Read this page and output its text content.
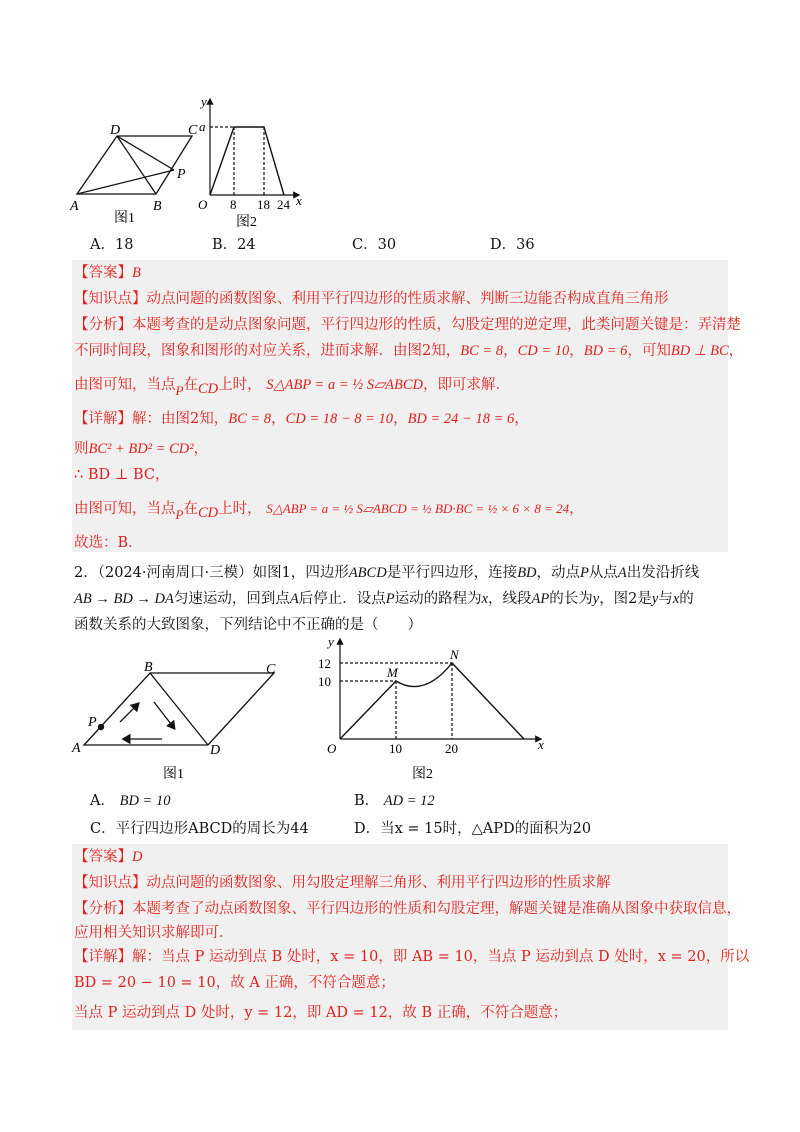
A	B
C
D
P
图1
y
a
O 8 18 24 x
图2
A．18	B．24	C．30	D．36
【答案】B
【知识点】动点问题的函数图象、利用平行四边形的性质求解、判断三边能否构成直角三角形
【分析】本题考查的是动点图象问题，平行四边形的性质，勾股定理的逆定理，此类问题关键是：弄清楚
不同时间段，图象和图形的对应关系，进而求解．由图2知，BC = 8，CD = 10，BD = 6，可知BD ⊥ BC，
由图可知，当点P在CD上时， S△ABP = a = ½ S▱ABCD，即可求解．
【详解】解：由图2知，BC = 8，CD = 18 − 8 = 10，BD = 24 − 18 = 6，
则BC² + BD² = CD²，
∴ BD ⊥ BC，
由图可知，当点P在CD上时， S△ABP = a = ½ S▱ABCD = ½ BD·BC = ½ × 6 × 8 = 24，
故选：B．
2．（2024·河南周口·三模）如图1，四边形ABCD是平行四边形，连接BD，动点P从点A出发沿折线
AB → BD → DA匀速运动，回到点A后停止．设点P运动的路程为x，线段AP的长为y，图2是y与x的
函数关系的大致图象，下列结论中不正确的是（　　）
A
B	C
D
P
图1
y
12
10
M
N
O	10	20	x
图2
A． BD = 10	B． AD = 12
C．平行四边形ABCD的周长为44	D．当x = 15时，△APD的面积为20
【答案】D
【知识点】动点问题的函数图象、用勾股定理解三角形、利用平行四边形的性质求解
【分析】本题考查了动点函数图象、平行四边形的性质和勾股定理，解题关键是准确从图象中获取信息，
应用相关知识求解即可．
【详解】解：当点 P 运动到点 B 处时，x = 10，即 AB = 10，当点 P 运动到点 D 处时，x = 20，所以
BD = 20 − 10 = 10，故 A 正确，不符合题意；
当点 P 运动到点 D 处时，y = 12，即 AD = 12，故 B 正确，不符合题意；
